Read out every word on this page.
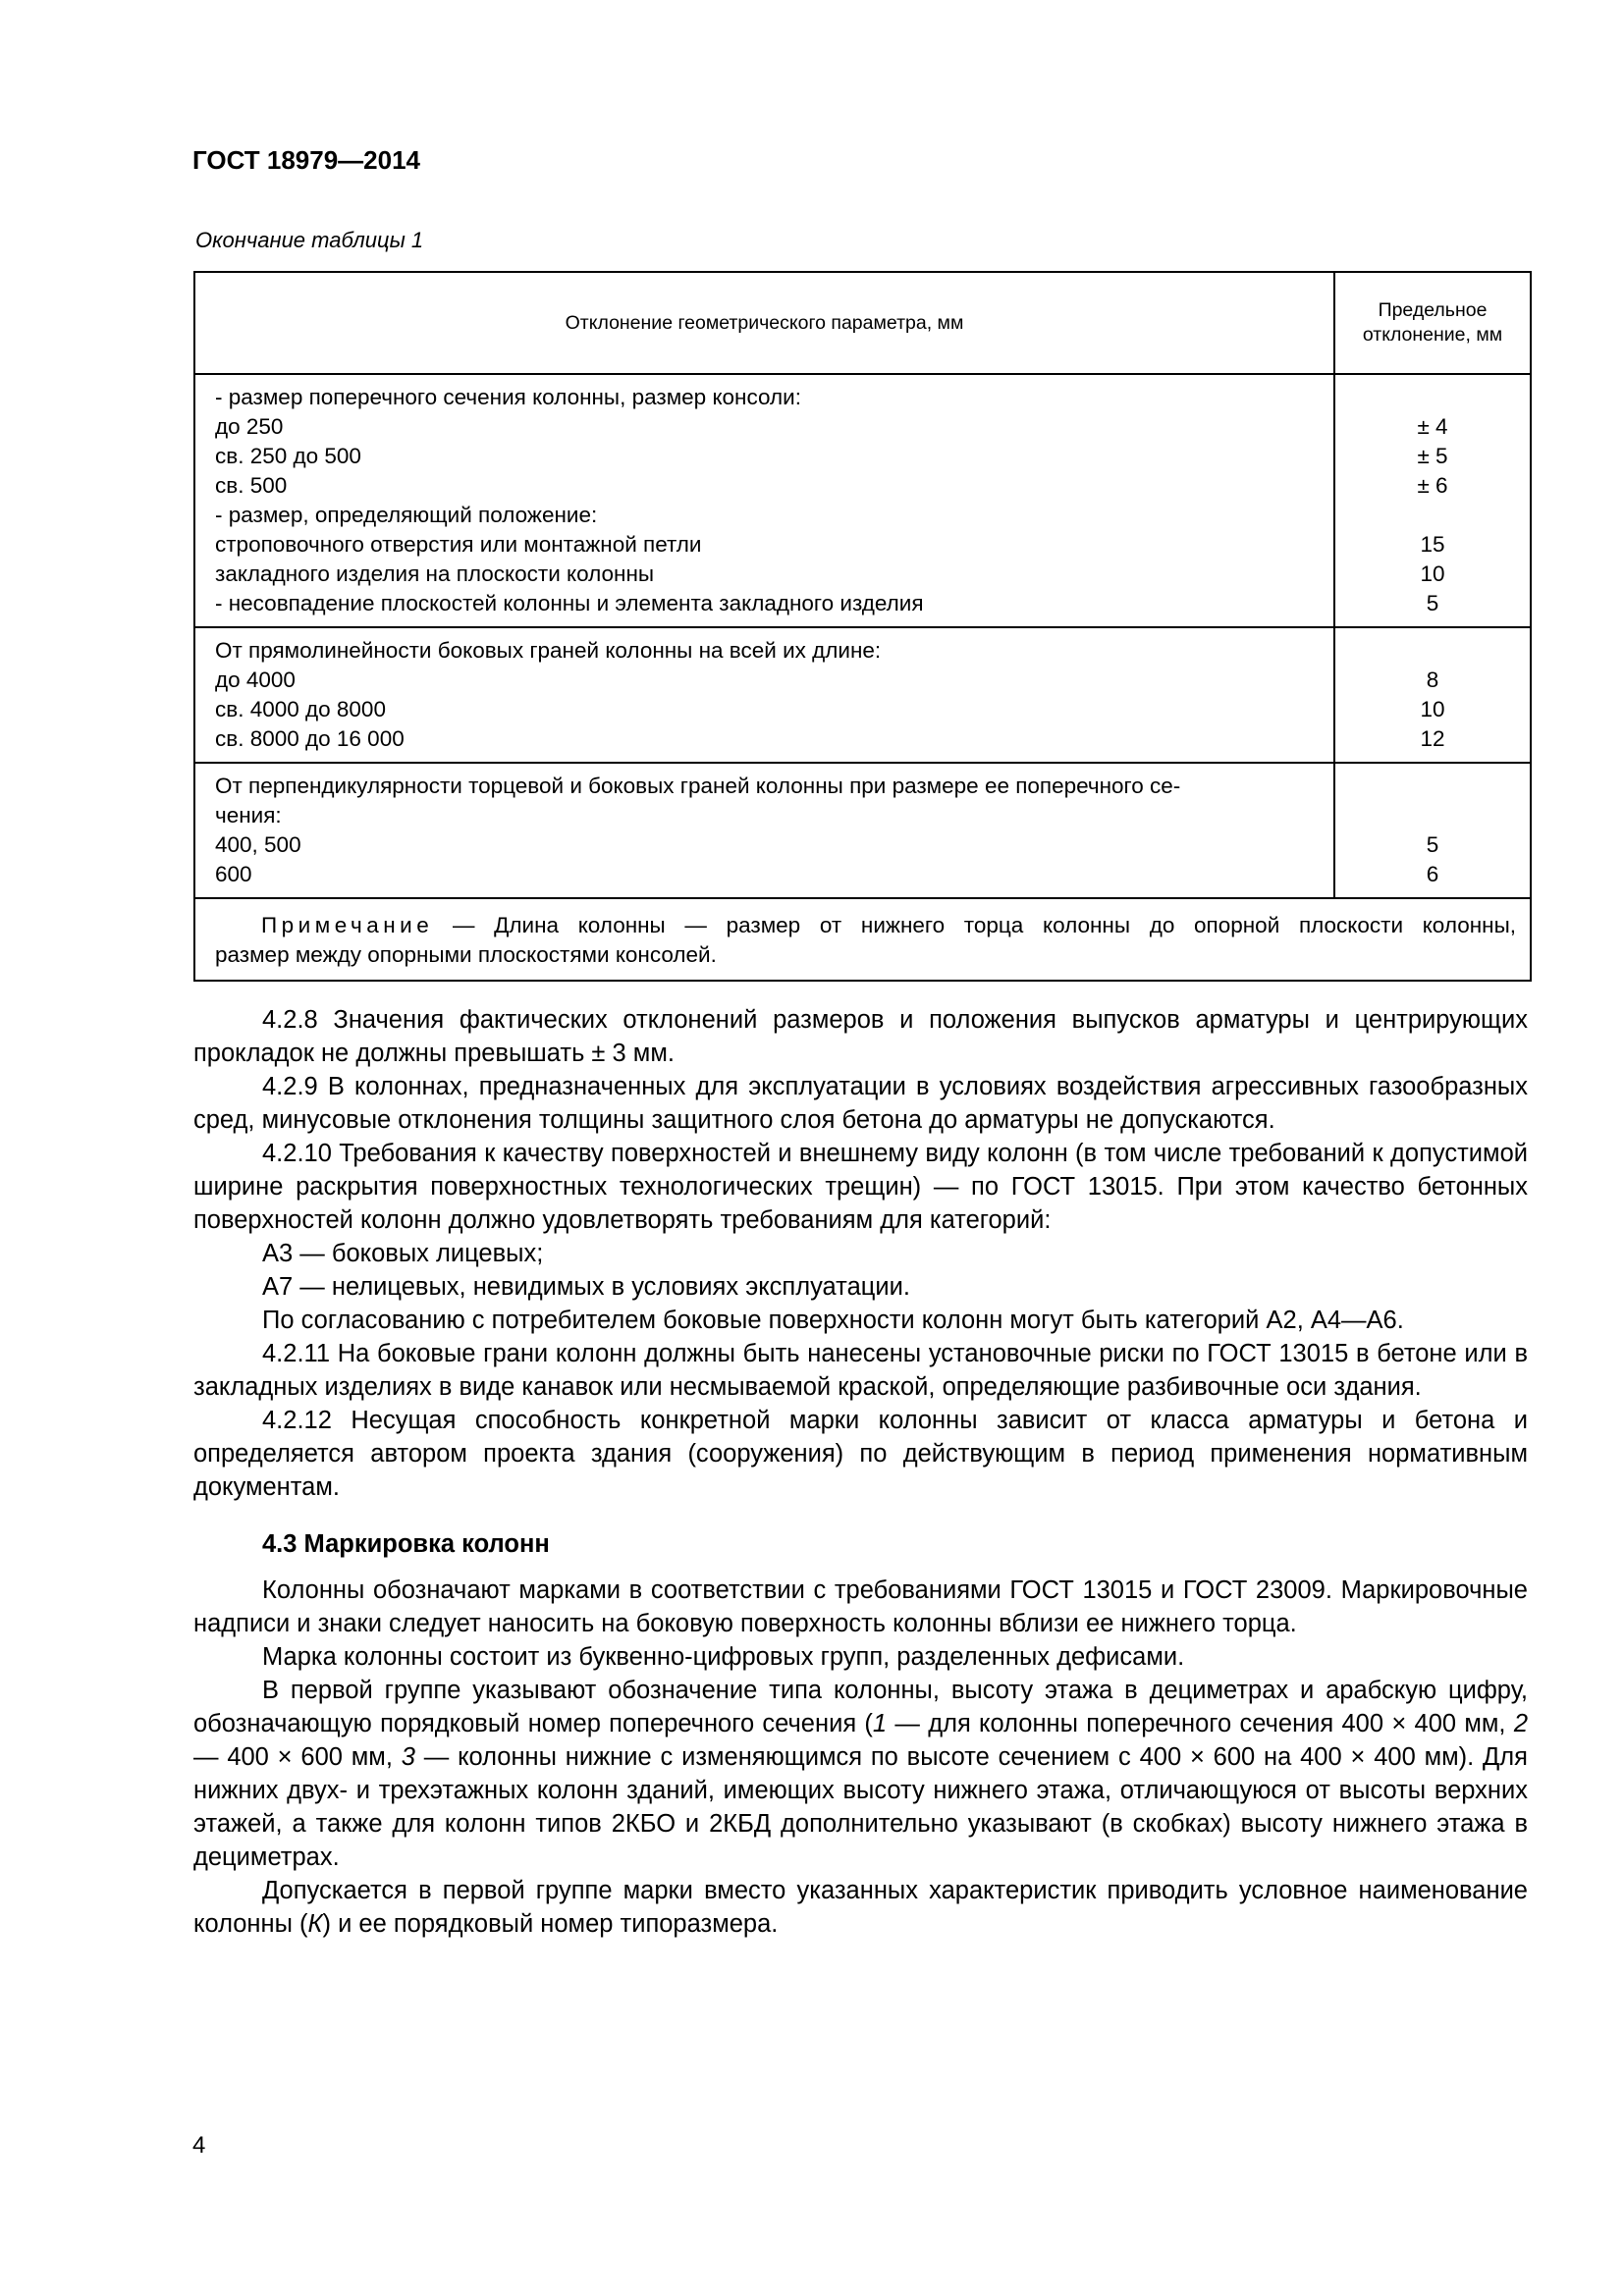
ГОСТ 18979—2014
Окончание таблицы 1
Отклонение геометрического параметра, мм
Предельное отклонение, мм
- размер поперечного сечения колонны, размер консоли:
до 250
св. 250 до 500
св. 500
- размер, определяющий положение:
строповочного отверстия или монтажной петли
закладного изделия на плоскости колонны
- несовпадение плоскостей колонны и элемента закладного изделия
± 4
± 5
± 6
15
10
5
От прямолинейности боковых граней колонны на всей их длине:
до 4000
св. 4000 до 8000
св. 8000 до 16 000
8
10
12
От перпендикулярности торцевой и боковых граней колонны при размере ее поперечного се-
чения:
400, 500
600
5
6
Примечание — Длина колонны — размер от нижнего торца колонны до опорной плоскости колонны,
размер между опорными плоскостями консолей.

4.2.8 Значения фактических отклонений размеров и положения выпусков арматуры и центрирующих прокладок не должны превышать ± 3 мм.

4.2.9 В колоннах, предназначенных для эксплуатации в условиях воздействия агрессивных газообразных сред, минусовые отклонения толщины защитного слоя бетона до арматуры не допускаются.

4.2.10 Требования к качеству поверхностей и внешнему виду колонн (в том числе требований к допустимой ширине раскрытия поверхностных технологических трещин) — по ГОСТ 13015. При этом качество бетонных поверхностей колонн должно удовлетворять требованиям для категорий:

А3 — боковых лицевых;

А7 — нелицевых, невидимых в условиях эксплуатации.

По согласованию с потребителем боковые поверхности колонн могут быть категорий А2, А4—А6.

4.2.11 На боковые грани колонн должны быть нанесены установочные риски по ГОСТ 13015 в бетоне или в закладных изделиях в виде канавок или несмываемой краской, определяющие разбивочные оси здания.

4.2.12 Несущая способность конкретной марки колонны зависит от класса арматуры и бетона и определяется автором проекта здания (сооружения) по действующим в период применения нормативным документам.

4.3 Маркировка колонн

Колонны обозначают марками в соответствии с требованиями ГОСТ 13015 и ГОСТ 23009. Маркировочные надписи и знаки следует наносить на боковую поверхность колонны вблизи ее нижнего торца.

Марка колонны состоит из буквенно-цифровых групп, разделенных дефисами.

В первой группе указывают обозначение типа колонны, высоту этажа в дециметрах и арабскую цифру, обозначающую порядковый номер поперечного сечения (1 — для колонны поперечного сечения 400 × 400 мм, 2 — 400 × 600 мм, 3 — колонны нижние с изменяющимся по высоте сечением с 400 × 600 на 400 × 400 мм). Для нижних двух- и трехэтажных колонн зданий, имеющих высоту нижнего этажа, отличающуюся от высоты верхних этажей, а также для колонн типов 2КБО и 2КБД дополнительно указывают (в скобках) высоту нижнего этажа в дециметрах.

Допускается в первой группе марки вместо указанных характеристик приводить условное наименование колонны (К) и ее порядковый номер типоразмера.

4
